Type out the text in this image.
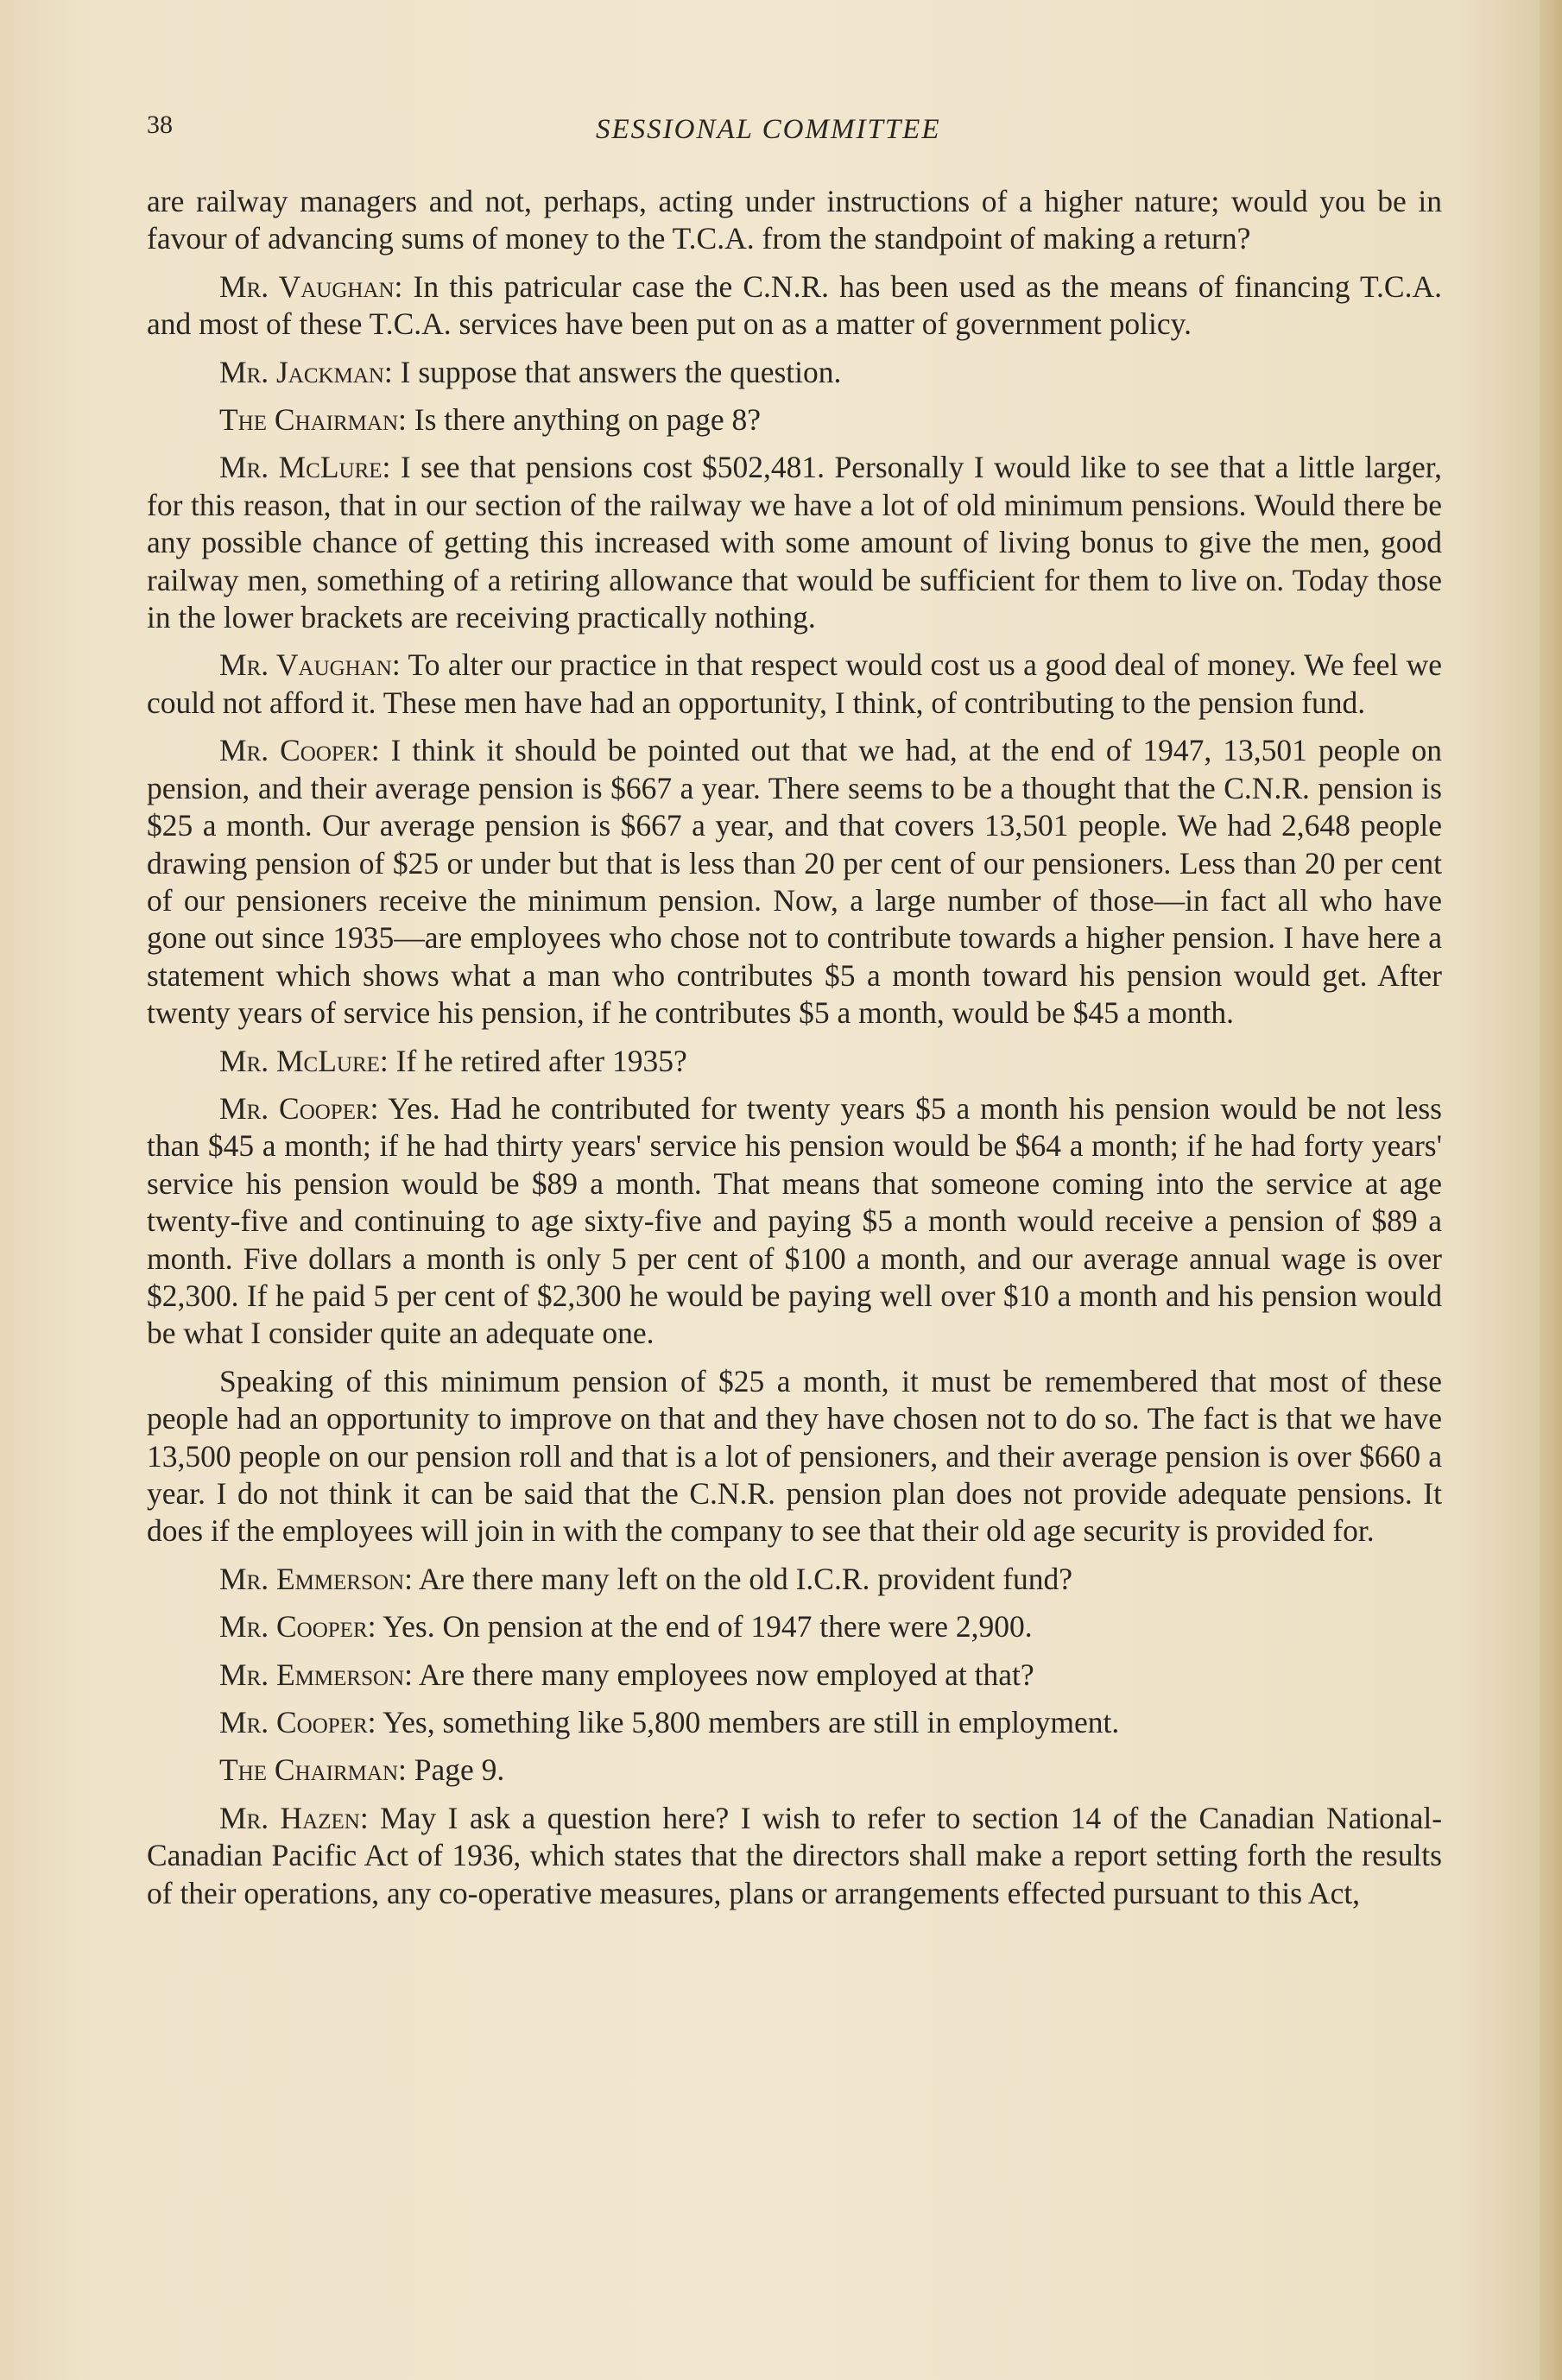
38	SESSIONAL COMMITTEE

are railway managers and not, perhaps, acting under instructions of a higher nature; would you be in favour of advancing sums of money to the T.C.A. from the standpoint of making a return?

Mr. Vaughan: In this patricular case the C.N.R. has been used as the means of financing T.C.A. and most of these T.C.A. services have been put on as a matter of government policy.

Mr. Jackman: I suppose that answers the question.

The Chairman: Is there anything on page 8?

Mr. McLure: I see that pensions cost $502,481. Personally I would like to see that a little larger, for this reason, that in our section of the railway we have a lot of old minimum pensions. Would there be any possible chance of getting this increased with some amount of living bonus to give the men, good railway men, something of a retiring allowance that would be sufficient for them to live on. Today those in the lower brackets are receiving practically nothing.

Mr. Vaughan: To alter our practice in that respect would cost us a good deal of money. We feel we could not afford it. These men have had an opportunity, I think, of contributing to the pension fund.

Mr. Cooper: I think it should be pointed out that we had, at the end of 1947, 13,501 people on pension, and their average pension is $667 a year. There seems to be a thought that the C.N.R. pension is $25 a month. Our average pension is $667 a year, and that covers 13,501 people. We had 2,648 people drawing pension of $25 or under but that is less than 20 per cent of our pensioners. Less than 20 per cent of our pensioners receive the minimum pension. Now, a large number of those—in fact all who have gone out since 1935—are employees who chose not to contribute towards a higher pension. I have here a statement which shows what a man who contributes $5 a month toward his pension would get. After twenty years of service his pension, if he contributes $5 a month, would be $45 a month.

Mr. McLure: If he retired after 1935?

Mr. Cooper: Yes. Had he contributed for twenty years $5 a month his pension would be not less than $45 a month; if he had thirty years' service his pension would be $64 a month; if he had forty years' service his pension would be $89 a month. That means that someone coming into the service at age twenty-five and continuing to age sixty-five and paying $5 a month would receive a pension of $89 a month. Five dollars a month is only 5 per cent of $100 a month, and our average annual wage is over $2,300. If he paid 5 per cent of $2,300 he would be paying well over $10 a month and his pension would be what I consider quite an adequate one.

Speaking of this minimum pension of $25 a month, it must be remembered that most of these people had an opportunity to improve on that and they have chosen not to do so. The fact is that we have 13,500 people on our pension roll and that is a lot of pensioners, and their average pension is over $660 a year. I do not think it can be said that the C.N.R. pension plan does not provide adequate pensions. It does if the employees will join in with the company to see that their old age security is provided for.

Mr. Emmerson: Are there many left on the old I.C.R. provident fund?

Mr. Cooper: Yes. On pension at the end of 1947 there were 2,900.

Mr. Emmerson: Are there many employees now employed at that?

Mr. Cooper: Yes, something like 5,800 members are still in employment.

The Chairman: Page 9.

Mr. Hazen: May I ask a question here? I wish to refer to section 14 of the Canadian National-Canadian Pacific Act of 1936, which states that the directors shall make a report setting forth the results of their operations, any co-operative measures, plans or arrangements effected pursuant to this Act,
